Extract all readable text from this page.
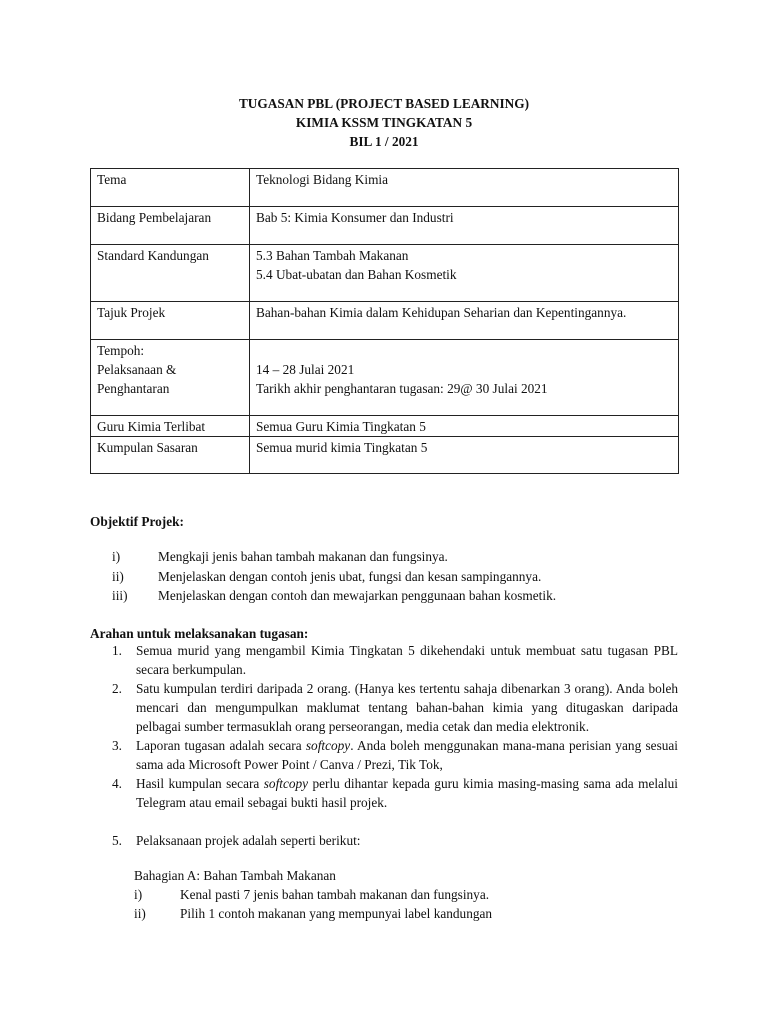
TUGASAN PBL (PROJECT BASED LEARNING)
KIMIA KSSM TINGKATAN 5
BIL 1 / 2021
Tema	Teknologi Bidang Kimia

Bidang Pembelajaran	Bab 5: Kimia Konsumer dan Industri

Standard Kandungan	5.3 Bahan Tambah Makanan
5.4 Ubat-ubatan dan Bahan Kosmetik

Tajuk Projek	Bahan-bahan Kimia dalam Kehidupan Seharian dan Kepentingannya.

Tempoh:
Pelaksanaan &
Penghantaran	14 – 28 Julai 2021
Tarikh akhir penghantaran tugasan: 29@ 30 Julai 2021

Guru Kimia Terlibat	Semua Guru Kimia Tingkatan 5

Kumpulan Sasaran	Semua murid kimia Tingkatan 5
Objektif Projek:
i)	Mengkaji jenis bahan tambah makanan dan fungsinya.
ii)	Menjelaskan dengan contoh jenis ubat, fungsi dan kesan sampingannya.
iii) Menjelaskan dengan contoh dan mewajarkan penggunaan bahan kosmetik.
Arahan untuk melaksanakan tugasan:
1. Semua murid yang mengambil Kimia Tingkatan 5 dikehendaki untuk membuat satu tugasan PBL secara berkumpulan.
2. Satu kumpulan terdiri daripada 2 orang. (Hanya kes tertentu sahaja dibenarkan 3 orang). Anda boleh mencari dan mengumpulkan maklumat tentang bahan-bahan kimia yang ditugaskan daripada pelbagai sumber termasuklah orang perseorangan, media cetak dan media elektronik.
3. Laporan tugasan adalah secara softcopy. Anda boleh menggunakan mana-mana perisian yang sesuai sama ada Microsoft Power Point / Canva / Prezi, Tik Tok,
4. Hasil kumpulan secara softcopy perlu dihantar kepada guru kimia masing-masing sama ada melalui Telegram atau email sebagai bukti hasil projek.
5. Pelaksanaan projek adalah seperti berikut:
Bahagian A: Bahan Tambah Makanan
i)	Kenal pasti 7 jenis bahan tambah makanan dan fungsinya.
ii)	Pilih 1 contoh makanan yang mempunyai label kandungan
